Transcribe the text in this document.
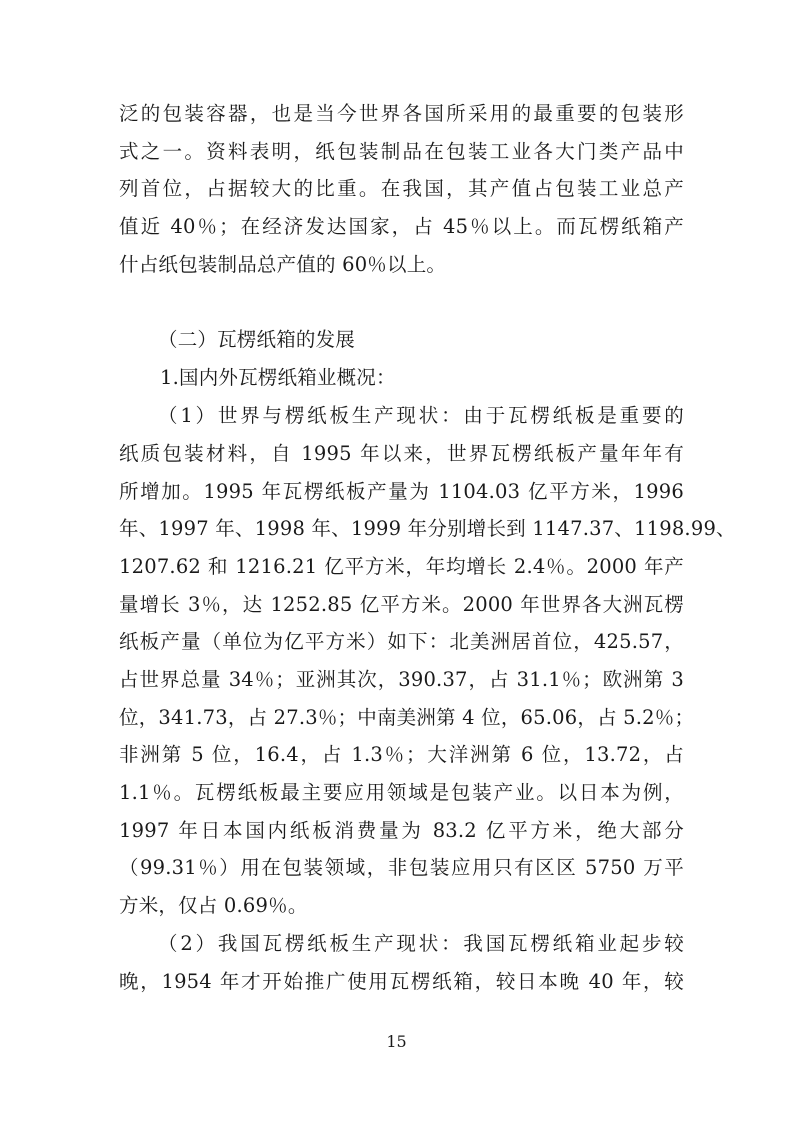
泛的包装容器，也是当今世界各国所采用的最重要的包装形
式之一。资料表明，纸包装制品在包装工业各大门类产品中
列首位，占据较大的比重。在我国，其产值占包装工业总产
值近 40％；在经济发达国家，占 45％以上。而瓦楞纸箱产
什占纸包装制品总产值的 60％以上。
（二）瓦楞纸箱的发展
1.国内外瓦楞纸箱业概况：
（1）世界与楞纸板生产现状：由于瓦楞纸板是重要的
纸质包装材料，自 1995 年以来，世界瓦楞纸板产量年年有
所增加。1995 年瓦楞纸板产量为 1104.03 亿平方米，1996
年、1997 年、1998 年、1999 年分别增长到 1147.37、1198.99、
1207.62 和 1216.21 亿平方米，年均增长 2.4％。2000 年产
量增长 3％，达 1252.85 亿平方米。2000 年世界各大洲瓦楞
纸板产量（单位为亿平方米）如下：北美洲居首位，425.57，
占世界总量 34％；亚洲其次，390.37，占 31.1％；欧洲第 3
位，341.73，占 27.3％；中南美洲第 4 位，65.06，占 5.2％；
非洲第 5 位，16.4，占 1.3％；大洋洲第 6 位，13.72，占
1.1％。瓦楞纸板最主要应用领域是包装产业。以日本为例，
1997 年日本国内纸板消费量为 83.2 亿平方米，绝大部分
（99.31％）用在包装领域，非包装应用只有区区 5750 万平
方米，仅占 0.69％。
（2）我国瓦楞纸板生产现状：我国瓦楞纸箱业起步较
晚，1954 年才开始推广使用瓦楞纸箱，较日本晚 40 年，较
15
